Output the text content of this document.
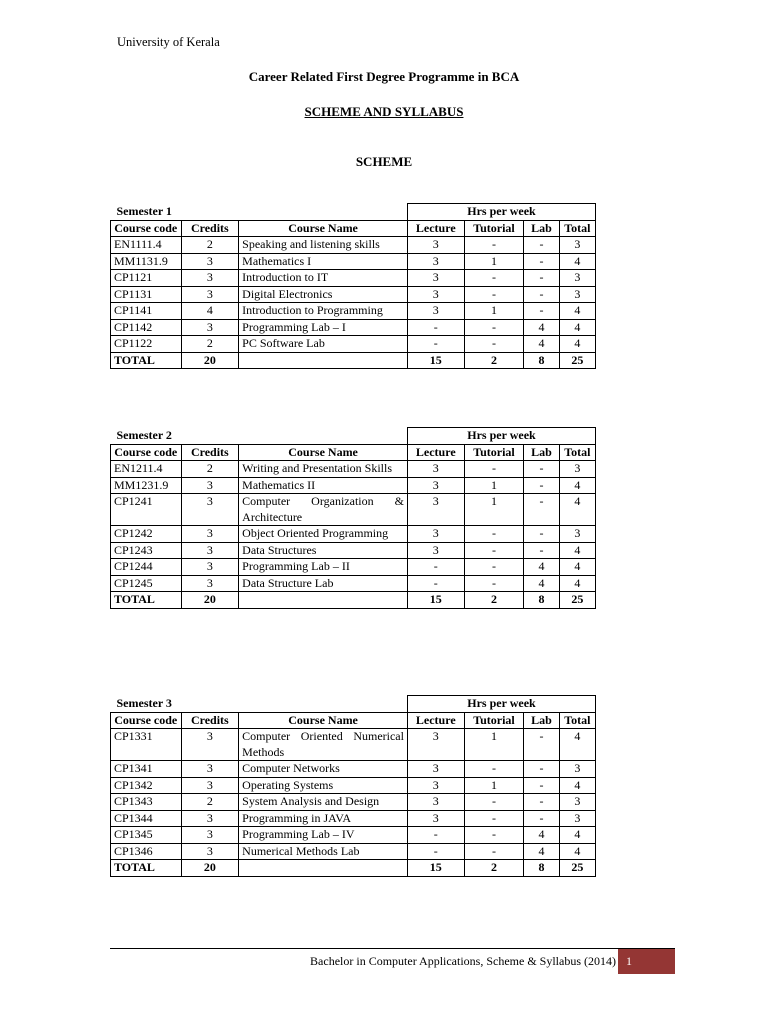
University of Kerala
Career Related First Degree Programme in BCA
SCHEME AND SYLLABUS
SCHEME
Semester 1			Hrs per week			
Course code	Credits	Course Name	Lecture	Tutorial	Lab	Total
EN1111.4	2	Speaking and listening skills	3	-	-	3
MM1131.9	3	Mathematics I	3	1	-	4
CP1121	3	Introduction to IT	3	-	-	3
CP1131	3	Digital Electronics	3	-	-	3
CP1141	4	Introduction to Programming	3	1	-	4
CP1142	3	Programming Lab – I	-	-	4	4
CP1122	2	PC Software Lab	-	-	4	4
TOTAL	20		15	2	8	25
Semester 2			Hrs per week			
Course code	Credits	Course Name	Lecture	Tutorial	Lab	Total
EN1211.4	2	Writing and Presentation Skills	3	-	-	3
MM1231.9	3	Mathematics II	3	1	-	4
CP1241	3	Computer Organization & Architecture	3	1	-	4
CP1242	3	Object Oriented Programming	3	-	-	3
CP1243	3	Data Structures	3	-	-	4
CP1244	3	Programming Lab – II	-	-	4	4
CP1245	3	Data Structure Lab	-	-	4	4
TOTAL	20		15	2	8	25
Semester 3			Hrs per week			
Course code	Credits	Course Name	Lecture	Tutorial	Lab	Total
CP1331	3	Computer Oriented Numerical Methods	3	1	-	4
CP1341	3	Computer Networks	3	-	-	3
CP1342	3	Operating Systems	3	1	-	4
CP1343	2	System Analysis and Design	3	-	-	3
CP1344	3	Programming in JAVA	3	-	-	3
CP1345	3	Programming Lab – IV	-	-	4	4
CP1346	3	Numerical Methods Lab	-	-	4	4
TOTAL	20		15	2	8	25
Bachelor in Computer Applications, Scheme & Syllabus (2014) 1
